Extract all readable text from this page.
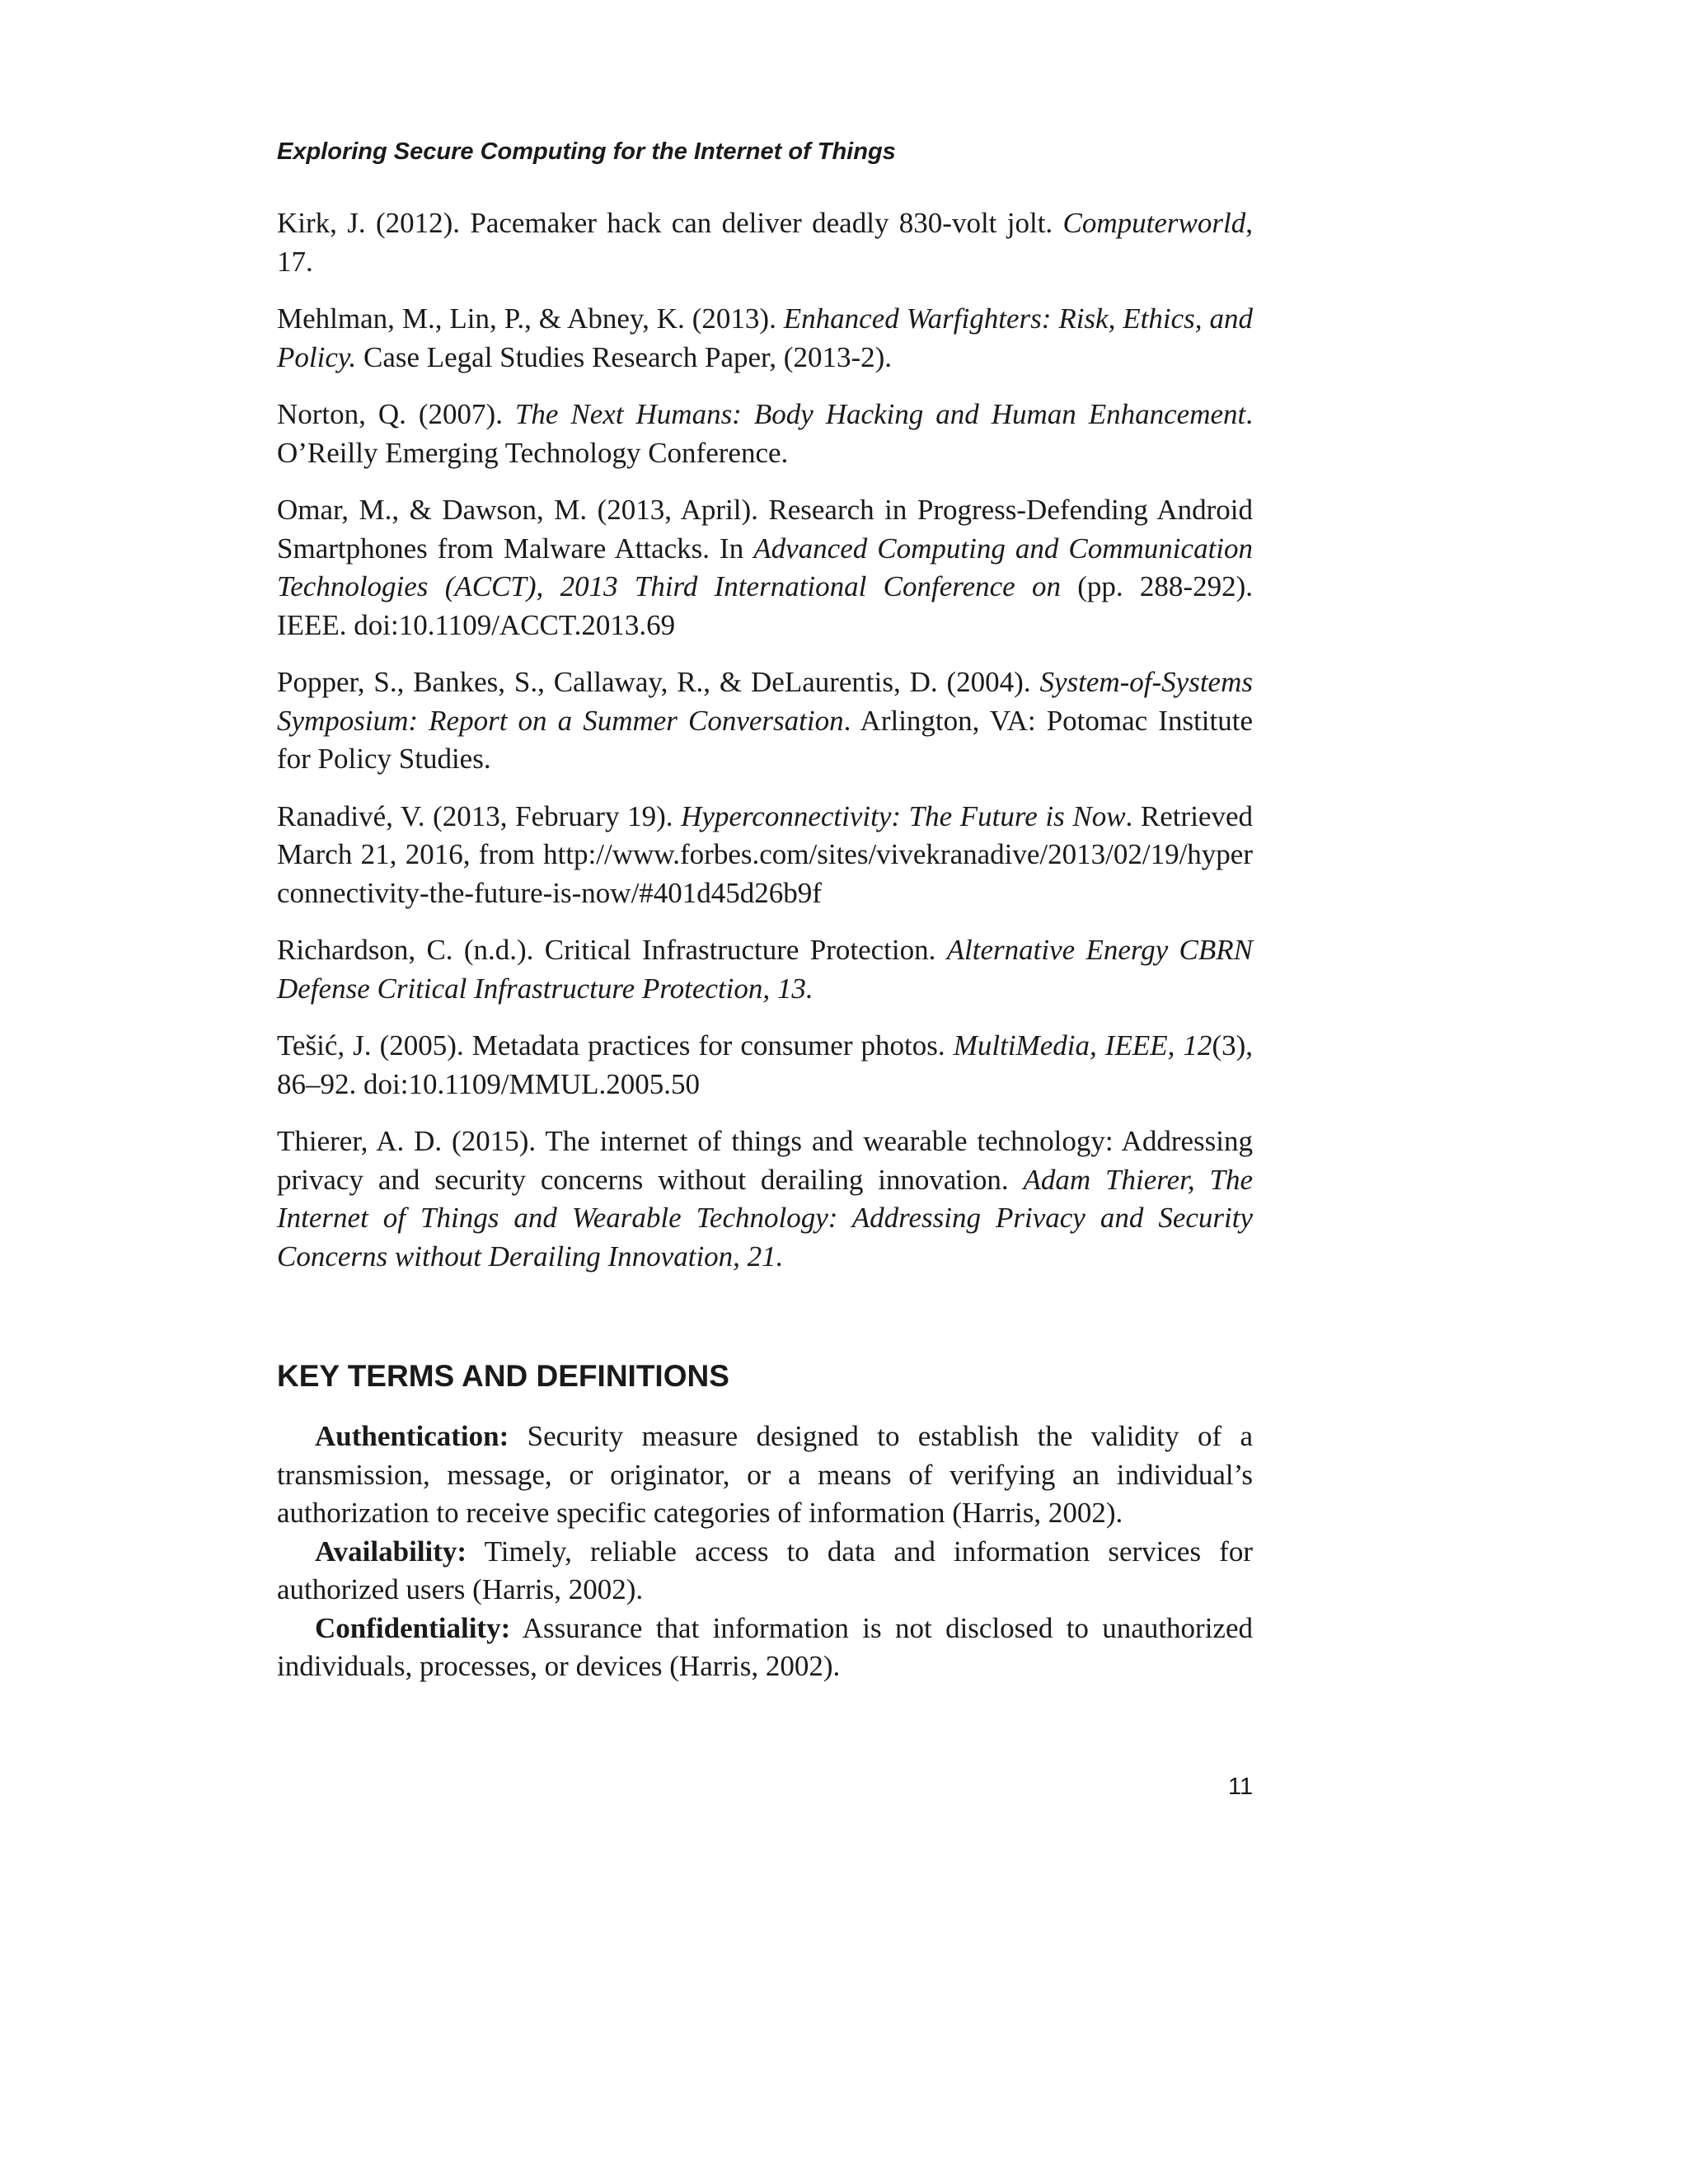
Exploring Secure Computing for the Internet of Things

Kirk, J. (2012). Pacemaker hack can deliver deadly 830-volt jolt. Computerworld, 17.

Mehlman, M., Lin, P., & Abney, K. (2013). Enhanced Warfighters: Risk, Ethics, and Policy. Case Legal Studies Research Paper, (2013-2).

Norton, Q. (2007). The Next Humans: Body Hacking and Human Enhancement. O’Reilly Emerging Technology Conference.

Omar, M., & Dawson, M. (2013, April). Research in Progress-Defending Android Smartphones from Malware Attacks. In Advanced Computing and Communication Technologies (ACCT), 2013 Third International Conference on (pp. 288-292). IEEE. doi:10.1109/ACCT.2013.69

Popper, S., Bankes, S., Callaway, R., & DeLaurentis, D. (2004). System-of-Systems Symposium: Report on a Summer Conversation. Arlington, VA: Potomac Institute for Policy Studies.

Ranadivé, V. (2013, February 19). Hyperconnectivity: The Future is Now. Retrieved March 21, 2016, from http://www.forbes.com/sites/vivekranadive/2013/02/19/hyperconnectivity-the-future-is-now/#401d45d26b9f

Richardson, C. (n.d.). Critical Infrastructure Protection. Alternative Energy CBRN Defense Critical Infrastructure Protection, 13.

Tešić, J. (2005). Metadata practices for consumer photos. MultiMedia, IEEE, 12(3), 86–92. doi:10.1109/MMUL.2005.50

Thierer, A. D. (2015). The internet of things and wearable technology: Addressing privacy and security concerns without derailing innovation. Adam Thierer, The Internet of Things and Wearable Technology: Addressing Privacy and Security Concerns without Derailing Innovation, 21.

KEY TERMS AND DEFINITIONS

Authentication: Security measure designed to establish the validity of a transmission, message, or originator, or a means of verifying an individual’s authorization to receive specific categories of information (Harris, 2002).

Availability: Timely, reliable access to data and information services for authorized users (Harris, 2002).

Confidentiality: Assurance that information is not disclosed to unauthorized individuals, processes, or devices (Harris, 2002).

11
